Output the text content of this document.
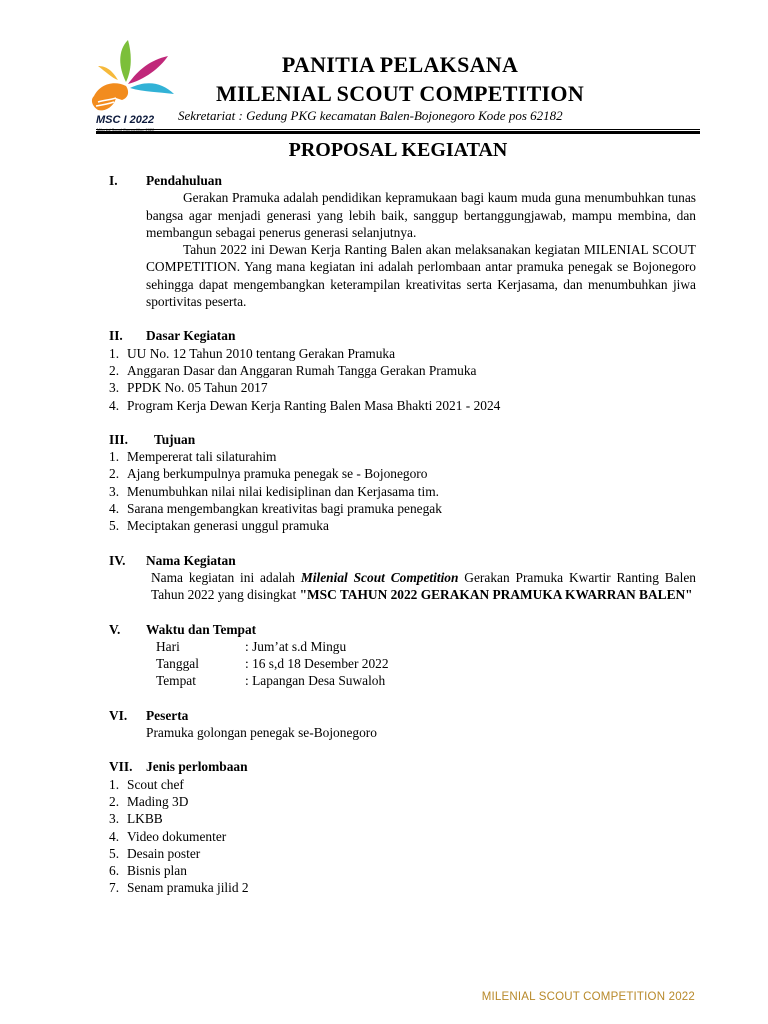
MSC I 2022
Milenial Scout Competition 2022
PANITIA PELAKSANA
MILENIAL SCOUT COMPETITION
Sekretariat : Gedung PKG kecamatan Balen-Bojonegoro Kode pos 62182
PROPOSAL KEGIATAN
I. Pendahuluan

Gerakan Pramuka adalah pendidikan kepramukaan bagi kaum muda guna menumbuhkan tunas bangsa agar menjadi generasi yang lebih baik, sanggup bertanggungjawab, mampu membina, dan membangun sebagai penerus generasi selanjutnya.

Tahun 2022 ini Dewan Kerja Ranting Balen akan melaksanakan kegiatan MILENIAL SCOUT COMPETITION. Yang mana kegiatan ini adalah perlombaan antar pramuka penegak se Bojonegoro sehingga dapat mengembangkan keterampilan kreativitas serta Kerjasama, dan menumbuhkan jiwa sportivitas peserta.

II. Dasar Kegiatan
1. UU No. 12 Tahun 2010 tentang Gerakan Pramuka
2. Anggaran Dasar dan Anggaran Rumah Tangga Gerakan Pramuka
3. PPDK No. 05 Tahun 2017
4. Program Kerja Dewan Kerja Ranting Balen Masa Bhakti 2021 - 2024
III. Tujuan
1. Mempererat tali silaturahim
2. Ajang berkumpulnya pramuka penegak se - Bojonegoro
3. Menumbuhkan nilai nilai kedisiplinan dan Kerjasama tim.
4. Sarana mengembangkan kreativitas bagi pramuka penegak
5. Meciptakan generasi unggul pramuka
IV. Nama Kegiatan

Nama kegiatan ini adalah Milenial Scout Competition Gerakan Pramuka Kwartir Ranting Balen Tahun 2022 yang disingkat "MSC TAHUN 2022 GERAKAN PRAMUKA KWARRAN BALEN"

V. Waktu dan Tempat
Hari	: Jum’at s.d Mingu
Tanggal	: 16 s,d 18 Desember 2022
Tempat	: Lapangan Desa Suwaloh
VI. Peserta
Pramuka golongan penegak se-Bojonegoro
VII. Jenis perlombaan
1. Scout chef
2. Mading 3D
3. LKBB
4. Video dokumenter
5. Desain poster
6. Bisnis plan
7. Senam pramuka jilid 2
MILENIAL SCOUT COMPETITION 2022
